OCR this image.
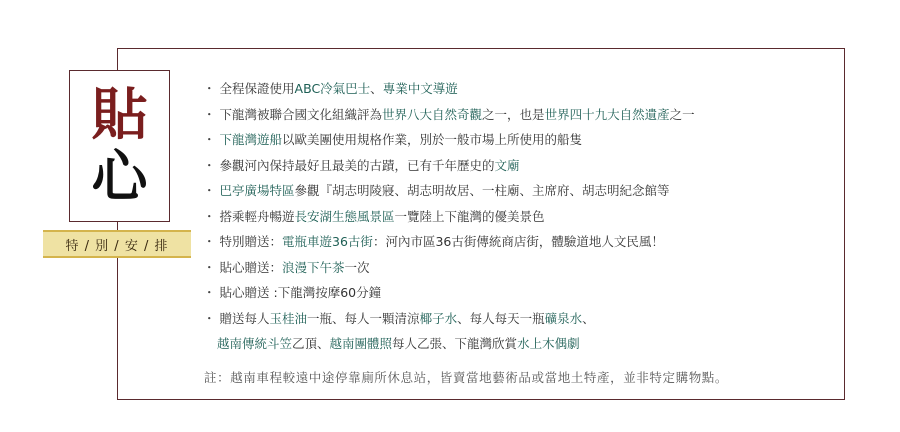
貼
心
特 / 別 / 安 / 排
・ 全程保證使用ABC冷氣巴士、專業中文導遊
・ 下龍灣被聯合國文化組織評為世界八大自然奇觀之一，也是世界四十九大自然遺產之一
・ 下龍灣遊船以歐美團使用規格作業，別於一般市場上所使用的船隻
・ 參觀河內保持最好且最美的古蹟，已有千年歷史的文廟
・ 巴亭廣場特區參觀『胡志明陵寢、胡志明故居、一柱廟、主席府、胡志明紀念館等
・ 搭乘輕舟暢遊長安湖生態風景區一覽陸上下龍灣的優美景色
・ 特別贈送：電瓶車遊36古街：河內市區36古街傳統商店街，體驗道地人文民風！
・ 貼心贈送：浪漫下午茶一次
・ 貼心贈送 :下龍灣按摩60分鐘
・ 贈送每人玉桂油一瓶、每人一顆清涼椰子水、每人每天一瓶礦泉水、
越南傳統斗笠乙頂、越南團體照每人乙張、下龍灣欣賞水上木偶劇
註：越南車程較遠中途停靠廁所休息站，皆賣當地藝術品或當地土特產，並非特定購物點。
